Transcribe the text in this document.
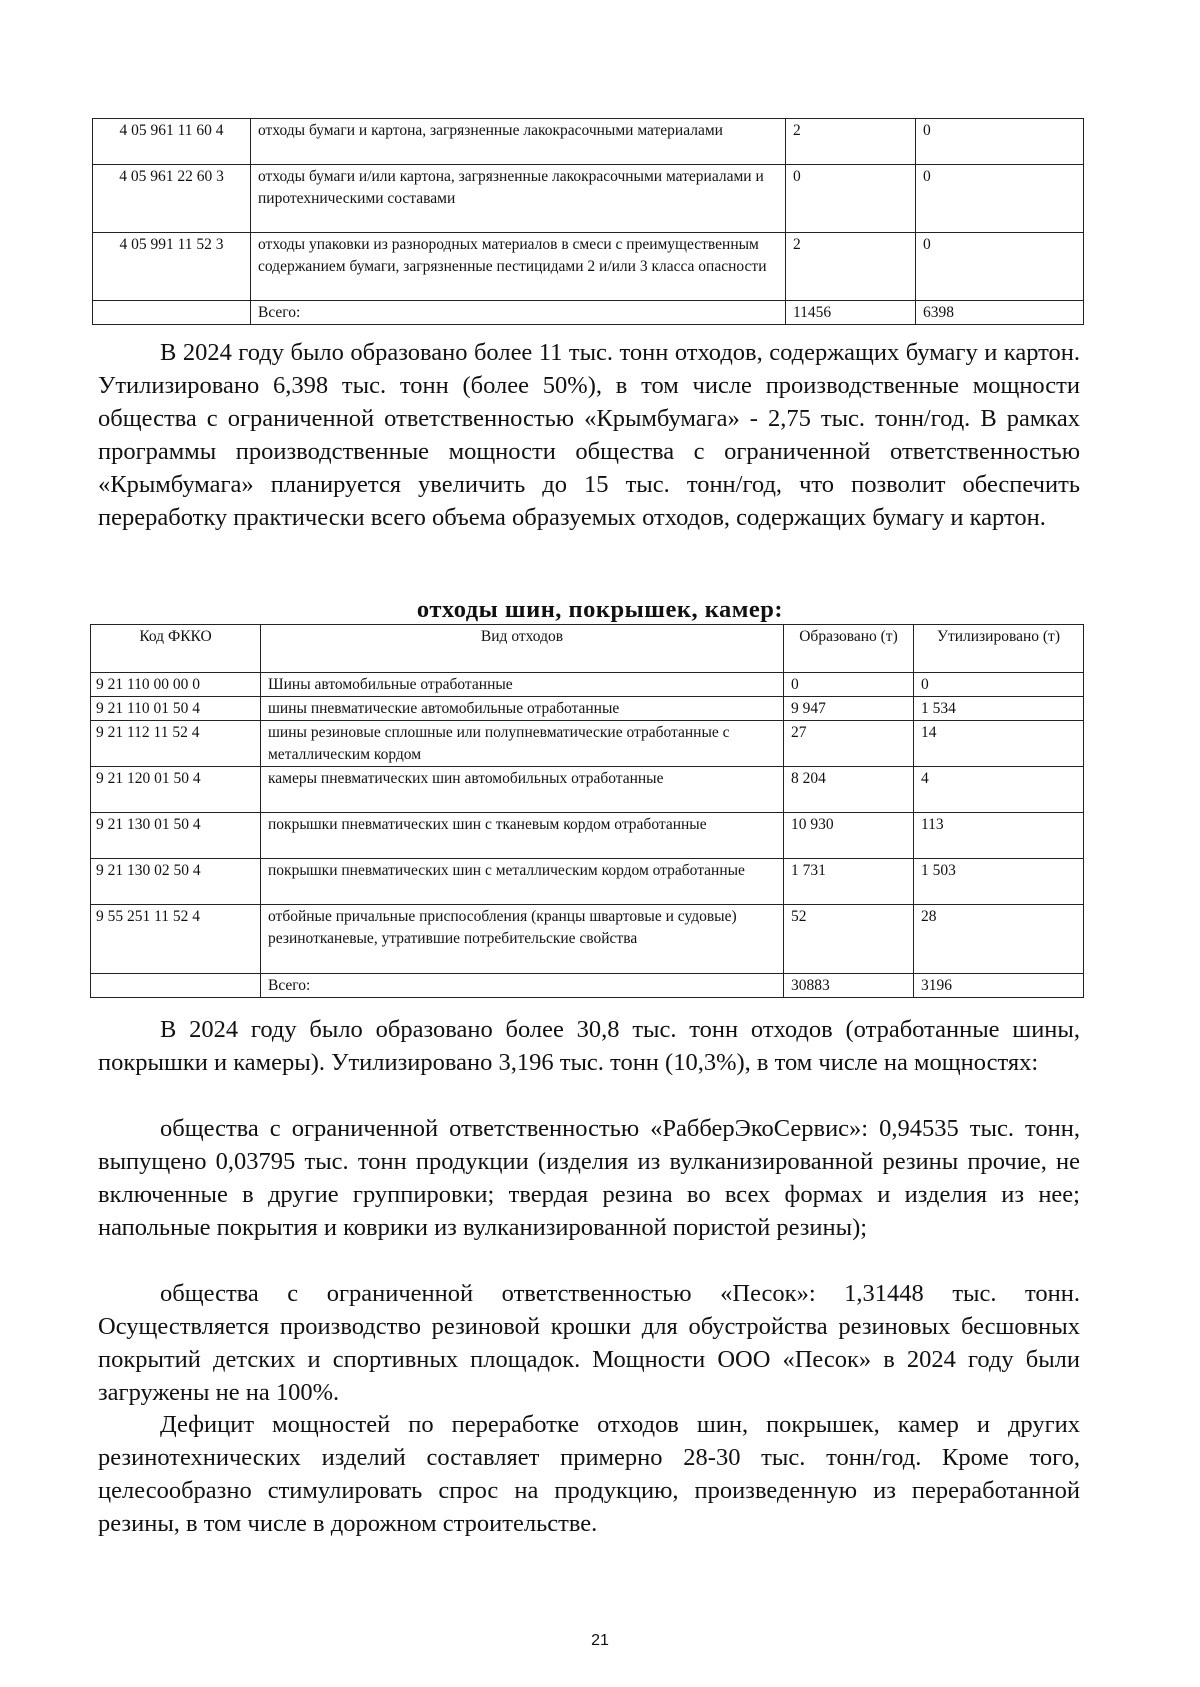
4 05 961 11 60 4	отходы бумаги и картона, загрязненные лакокрасочными материалами	2	0
4 05 961 22 60 3	отходы бумаги и/или картона, загрязненные лакокрасочными материалами и пиротехническими составами	0	0
4 05 991 11 52 3	отходы упаковки из разнородных материалов в смеси с преимущественным содержанием бумаги, загрязненные пестицидами 2 и/или 3 класса опасности	2	0
	Всего:	11456	6398

В 2024 году было образовано более 11 тыс. тонн отходов, содержащих бумагу и картон. Утилизировано 6,398 тыс. тонн (более 50%), в том числе производственные мощности общества с ограниченной ответственностью «Крымбумага» - 2,75 тыс. тонн/год. В рамках программы производственные мощности общества с ограниченной ответственностью «Крымбумага» планируется увеличить до 15 тыс. тонн/год, что позволит обеспечить переработку практически всего объема образуемых отходов, содержащих бумагу и картон.

отходы шин, покрышек, камер:

Код ФККО	Вид отходов	Образовано (т)	Утилизировано (т)
9 21 110 00 00 0	Шины автомобильные отработанные	0	0
9 21 110 01 50 4	шины пневматические автомобильные отработанные	9 947	1 534
9 21 112 11 52 4	шины резиновые сплошные или полупневматические отработанные с металлическим кордом	27	14
9 21 120 01 50 4	камеры пневматических шин автомобильных отработанные	8 204	4
9 21 130 01 50 4	покрышки пневматических шин с тканевым кордом отработанные	10 930	113
9 21 130 02 50 4	покрышки пневматических шин с металлическим кордом отработанные	1 731	1 503
9 55 251 11 52 4	отбойные причальные приспособления (кранцы швартовые и судовые) резинотканевые, утратившие потребительские свойства	52	28
	Всего:	30883	3196

В 2024 году было образовано более 30,8 тыс. тонн отходов (отработанные шины, покрышки и камеры). Утилизировано 3,196 тыс. тонн (10,3%), в том числе на мощностях:

общества с ограниченной ответственностью «РабберЭкоСервис»: 0,94535 тыс. тонн, выпущено 0,03795 тыс. тонн продукции (изделия из вулканизированной резины прочие, не включенные в другие группировки; твердая резина во всех формах и изделия из нее; напольные покрытия и коврики из вулканизированной пористой резины);

общества с ограниченной ответственностью «Песок»: 1,31448 тыс. тонн. Осуществляется производство резиновой крошки для обустройства резиновых бесшовных покрытий детских и спортивных площадок. Мощности ООО «Песок» в 2024 году были загружены не на 100%.

Дефицит мощностей по переработке отходов шин, покрышек, камер и других резинотехнических изделий составляет примерно 28-30 тыс. тонн/год. Кроме того, целесообразно стимулировать спрос на продукцию, произведенную из переработанной резины, в том числе в дорожном строительстве.

21
